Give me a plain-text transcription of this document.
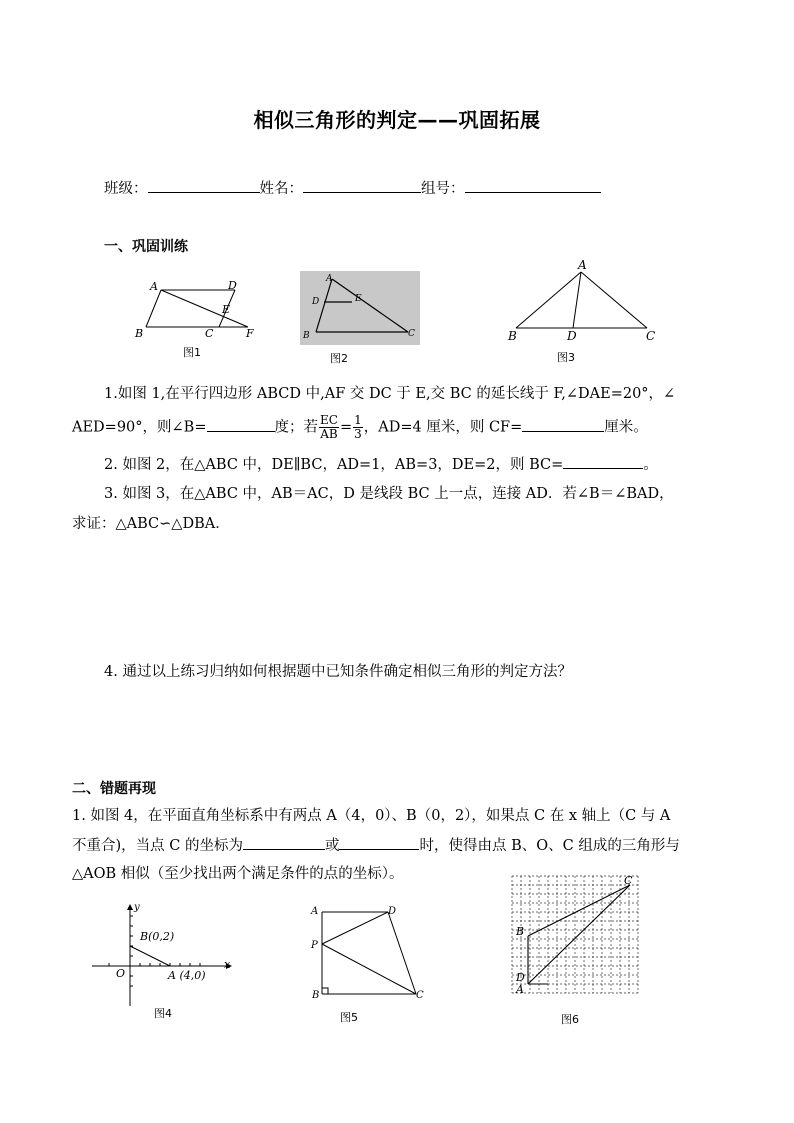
相似三角形的判定——巩固拓展
班级：	姓名：	组号：
一、巩固训练
A	D
E
B	C	F
图1
A
D	E
B	C
图2
A
B	D	C
图3
1.如图 1,在平行四边形 ABCD 中,AF 交 DC 于 E,交 BC 的延长线于 F,∠DAE=20°，∠
AED=90°，则∠B=	度；若 $\frac{EC}{AB} = \frac{1}{3}$ ，AD=4 厘米，则 CF=	厘米。
2. 如图 2，在△ABC 中，DE∥BC，AD=1，AB=3，DE=2，则 BC=	。
3. 如图 3，在△ABC 中，AB＝AC，D 是线段 BC 上一点，连接 AD．若∠B＝∠BAD，
求证：△ABC∽△DBA．
4. 通过以上练习归纳如何根据题中已知条件确定相似三角形的判定方法？
二、错题再现
1. 如图 4，在平面直角坐标系中有两点 A（4，0）、B（0，2），如果点 C 在 x 轴上（C 与 A
不重合)，当点 C 的坐标为	或	时，使得由点 B、O、C 组成的三角形与
△AOB 相似（至少找出两个满足条件的点的坐标）。
y
x
O
B(0,2)
A (4,0)
图4
A	D
P
B	C
图5
C
B
D
A
图6
